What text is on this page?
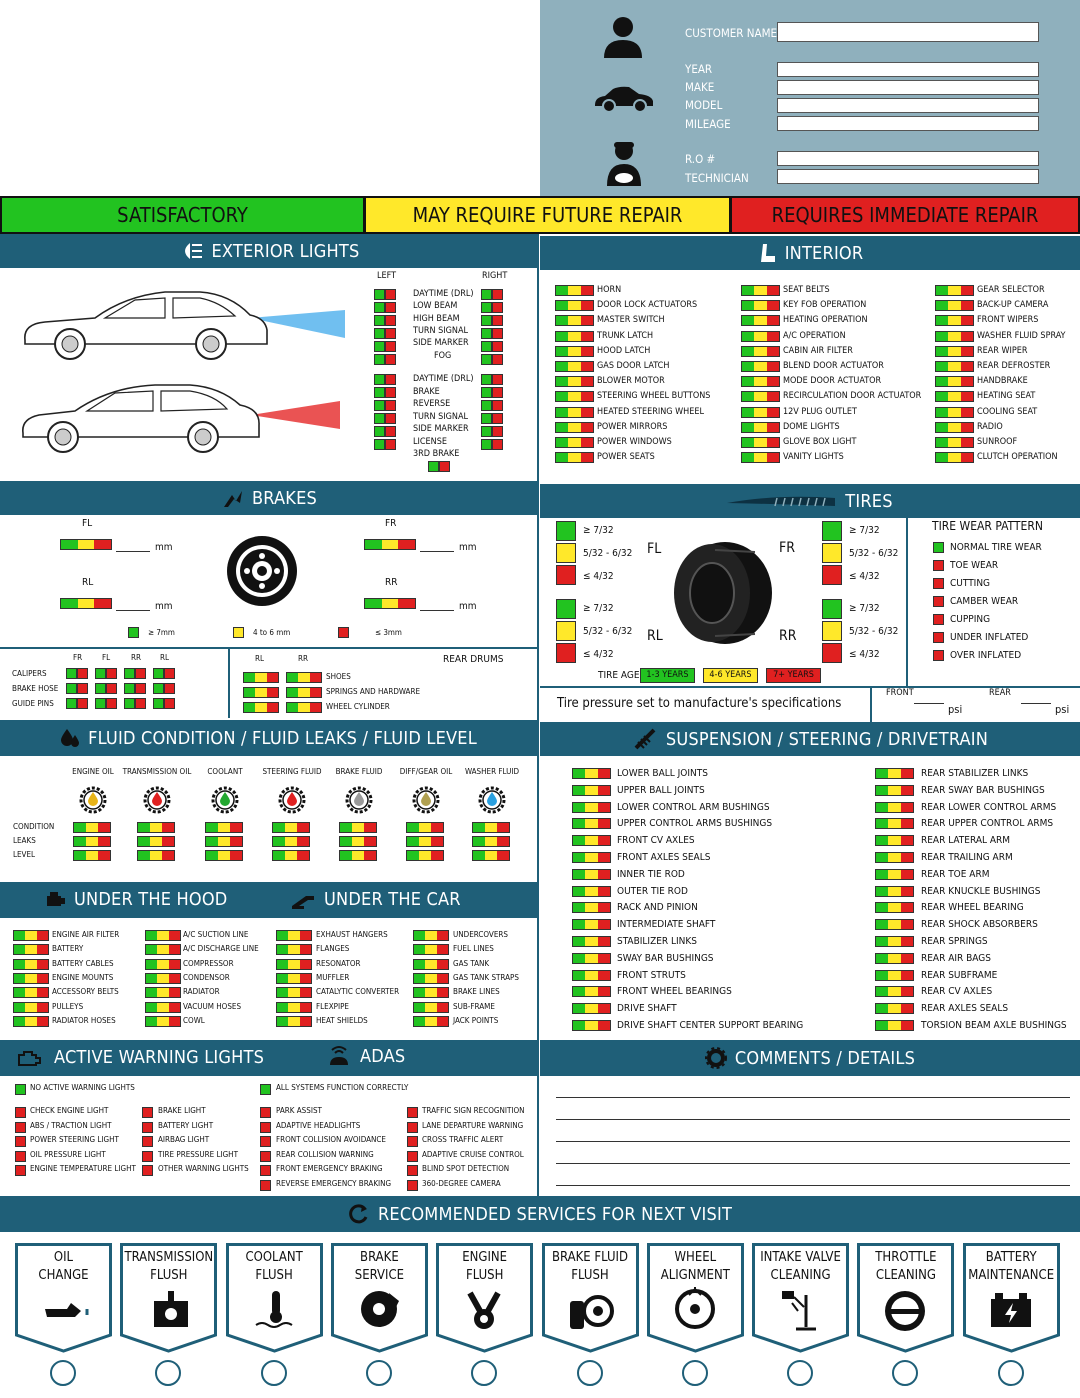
CUSTOMER NAME
YEAR
MAKE
MODEL
MILEAGE
R.O #
TECHNICIAN
SATISFACTORY	MAY REQUIRE FUTURE REPAIR	REQUIRES IMMEDIATE REPAIR
EXTERIOR LIGHTS
LEFT	RIGHT
INTERIOR
BRAKES	TIRES
Tire pressure set to manufacture's specifications
FRONT
psi
REAR
psi
FLUID CONDITION / FLUID LEAKS / FLUID LEVEL	SUSPENSION / STEERING / DRIVETRAIN
UNDER THE HOOD	UNDER THE CAR
ACTIVE WARNING LIGHTS	ADAS	COMMENTS / DETAILS
RECOMMENDED SERVICES FOR NEXT VISIT
DAYTIME (DRL)
LOW BEAM
HIGH BEAM
TURN SIGNAL
SIDE MARKER
FOG
DAYTIME (DRL)
BRAKE
REVERSE
TURN SIGNAL
SIDE MARKER
LICENSE
3RD BRAKE
HORN
DOOR LOCK ACTUATORS
MASTER SWITCH
TRUNK LATCH
HOOD LATCH
GAS DOOR LATCH
BLOWER MOTOR
STEERING WHEEL BUTTONS
HEATED STEERING WHEEL
POWER MIRRORS
POWER WINDOWS
POWER SEATS
SEAT BELTS
KEY FOB OPERATION
HEATING OPERATION
A/C OPERATION
CABIN AIR FILTER
BLEND DOOR ACTUATOR
MODE DOOR ACTUATOR
RECIRCULATION DOOR ACTUATOR
12V PLUG OUTLET
DOME LIGHTS
GLOVE BOX LIGHT
VANITY LIGHTS
GEAR SELECTOR
BACK-UP CAMERA
FRONT WIPERS
WASHER FLUID SPRAY
REAR WIPER
REAR DEFROSTER
HANDBRAKE
HEATING SEAT
COOLING SEAT
RADIO
SUNROOF
CLUTCH OPERATION
FL
mm
FR
mm
RL
mm
RR
mm
≥ 7mm	4 to 6 mm	≤ 3mm
FR FL	RR RL
CALIPERS
BRAKE HOSE
GUIDE PINS
REAR DRUMS
RL	RR
SHOES
SPRINGS AND HARDWARE
WHEEL CYLINDER
≥ 7/32
5/32 - 6/32
≤ 4/32
≥ 7/32
5/32 - 6/32
≤ 4/32
≥ 7/32
5/32 - 6/32
≤ 4/32
≥ 7/32
5/32 - 6/32
≤ 4/32
FL	FR
RL	RR
TIRE AGE 1-3 YEARS	4-6 YEARS	7+ YEARS
TIRE WEAR PATTERN
NORMAL TIRE WEAR
TOE WEAR
CUTTING
CAMBER WEAR
CUPPING
UNDER INFLATED
OVER INFLATED
ENGINE OIL	TRANSMISSION OIL	COOLANT	STEERING FLUID	BRAKE FLUID	DIFF/GEAR OIL	WASHER FLUID
CONDITION
LEAKS
LEVEL
LOWER BALL JOINTS
UPPER BALL JOINTS
LOWER CONTROL ARM BUSHINGS
UPPER CONTROL ARMS BUSHINGS
FRONT CV AXLES
FRONT AXLES SEALS
INNER TIE ROD
OUTER TIE ROD
RACK AND PINION
INTERMEDIATE SHAFT
STABILIZER LINKS
SWAY BAR BUSHINGS
FRONT STRUTS
FRONT WHEEL BEARINGS
DRIVE SHAFT
DRIVE SHAFT CENTER SUPPORT BEARING
REAR STABILIZER LINKS
REAR SWAY BAR BUSHINGS
REAR LOWER CONTROL ARMS
REAR UPPER CONTROL ARMS
REAR LATERAL ARM
REAR TRAILING ARM
REAR TOE ARM
REAR KNUCKLE BUSHINGS
REAR WHEEL BEARING
REAR SHOCK ABSORBERS
REAR SPRINGS
REAR AIR BAGS
REAR SUBFRAME
REAR CV AXLES
REAR AXLES SEALS
TORSION BEAM AXLE BUSHINGS
ENGINE AIR FILTER
BATTERY
BATTERY CABLES
ENGINE MOUNTS
ACCESSORY BELTS
PULLEYS
RADIATOR HOSES
A/C SUCTION LINE
A/C DISCHARGE LINE
COMPRESSOR
CONDENSOR
RADIATOR
VACUUM HOSES
COWL
EXHAUST HANGERS
FLANGES
RESONATOR
MUFFLER
CATALYTIC CONVERTER
FLEXPIPE
HEAT SHIELDS
UNDERCOVERS
FUEL LINES
GAS TANK
GAS TANK STRAPS
BRAKE LINES
SUB-FRAME
JACK POINTS
NO ACTIVE WARNING LIGHTS
CHECK ENGINE LIGHT
ABS / TRACTION LIGHT
POWER STEERING LIGHT
OIL PRESSURE LIGHT
ENGINE TEMPERATURE LIGHT
BRAKE LIGHT
BATTERY LIGHT
AIRBAG LIGHT
TIRE PRESSURE LIGHT
OTHER WARNING LIGHTS
ALL SYSTEMS FUNCTION CORRECTLY
PARK ASSIST
ADAPTIVE HEADLIGHTS
FRONT COLLISION AVOIDANCE
REAR COLLISION WARNING
FRONT EMERGENCY BRAKING
REVERSE EMERGENCY BRAKING
TRAFFIC SIGN RECOGNITION
LANE DEPARTURE WARNING
CROSS TRAFFIC ALERT
ADAPTIVE CRUISE CONTROL
BLIND SPOT DETECTION
360-DEGREE CAMERA
OIL
CHANGE
TRANSMISSION
FLUSH
COOLANT
FLUSH
BRAKE
SERVICE
ENGINE
FLUSH
BRAKE FLUID
FLUSH
WHEEL
ALIGNMENT
INTAKE VALVE
CLEANING
THROTTLE
CLEANING
BATTERY
MAINTENANCE
